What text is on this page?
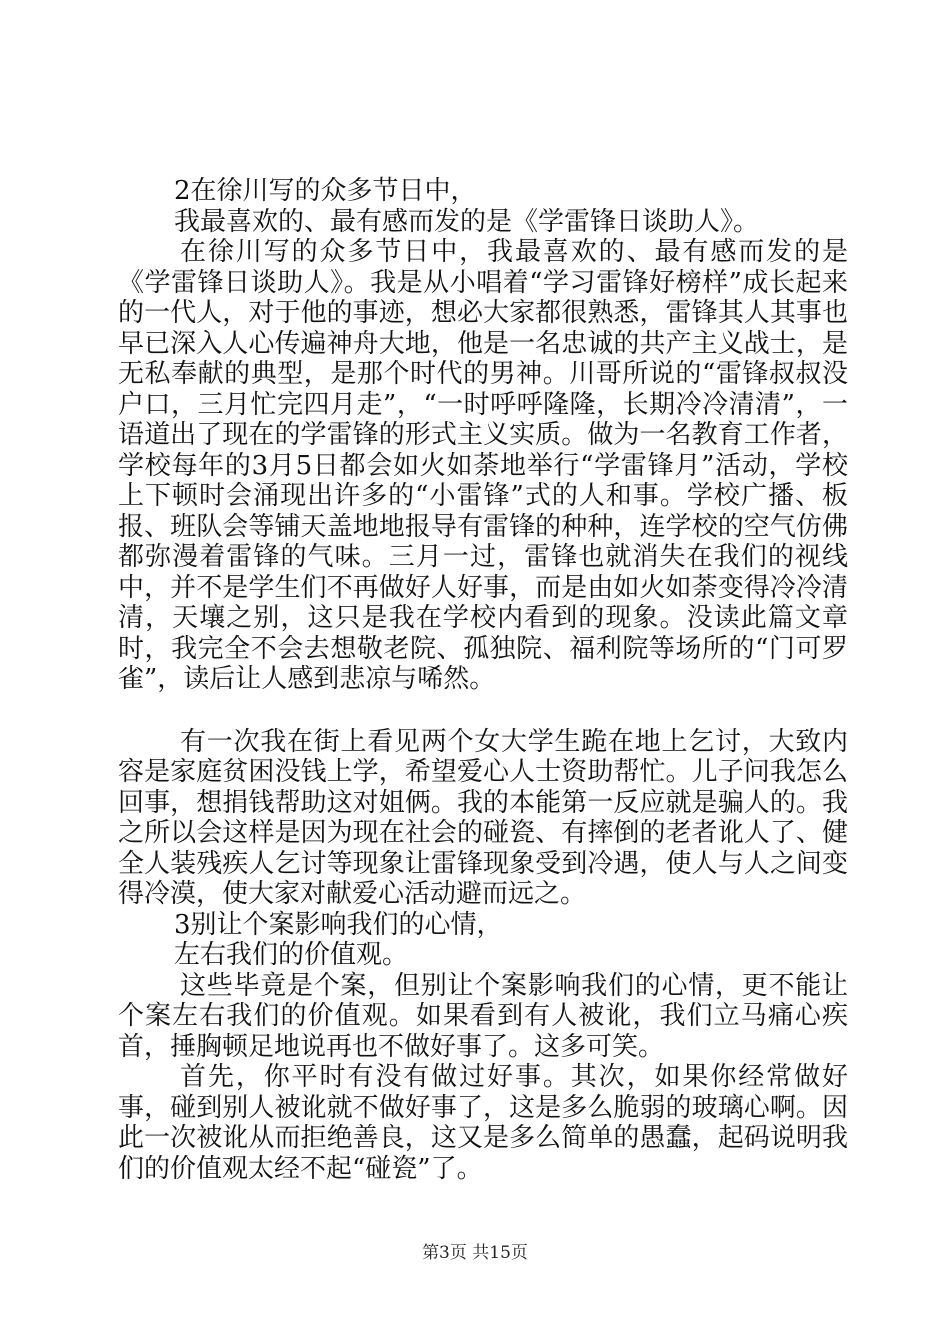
2在徐川写的众多节日中，

我最喜欢的、最有感而发的是《学雷锋日谈助人》。

在徐川写的众多节日中，我最喜欢的、最有感而发的是《学雷锋日谈助人》。我是从小唱着“学习雷锋好榜样”成长起来的一代人，对于他的事迹，想必大家都很熟悉，雷锋其人其事也早已深入人心传遍神舟大地，他是一名忠诚的共产主义战士，是无私奉献的典型，是那个时代的男神。川哥所说的“雷锋叔叔没户口，三月忙完四月走”，“一时呼呼隆隆，长期冷冷清清”，一语道出了现在的学雷锋的形式主义实质。做为一名教育工作者，学校每年的3月5日都会如火如荼地举行“学雷锋月”活动，学校上下顿时会涌现出许多的“小雷锋”式的人和事。学校广播、板报、班队会等铺天盖地地报导有雷锋的种种，连学校的空气仿佛都弥漫着雷锋的气味。三月一过，雷锋也就消失在我们的视线中，并不是学生们不再做好人好事，而是由如火如荼变得冷冷清清，天壤之别，这只是我在学校内看到的现象。没读此篇文章时，我完全不会去想敬老院、孤独院、福利院等场所的“门可罗雀”，读后让人感到悲凉与唏然。

有一次我在街上看见两个女大学生跪在地上乞讨，大致内容是家庭贫困没钱上学，希望爱心人士资助帮忙。儿子问我怎么回事，想捐钱帮助这对姐俩。我的本能第一反应就是骗人的。我之所以会这样是因为现在社会的碰瓷、有摔倒的老者讹人了、健全人装残疾人乞讨等现象让雷锋现象受到冷遇，使人与人之间变得冷漠，使大家对献爱心活动避而远之。

3别让个案影响我们的心情，

左右我们的价值观。

这些毕竟是个案，但别让个案影响我们的心情，更不能让个案左右我们的价值观。如果看到有人被讹，我们立马痛心疾首，捶胸顿足地说再也不做好事了。这多可笑。

首先，你平时有没有做过好事。其次，如果你经常做好事，碰到别人被讹就不做好事了，这是多么脆弱的玻璃心啊。因此一次被讹从而拒绝善良，这又是多么简单的愚蠢，起码说明我们的价值观太经不起“碰瓷”了。

第3页 共15页
